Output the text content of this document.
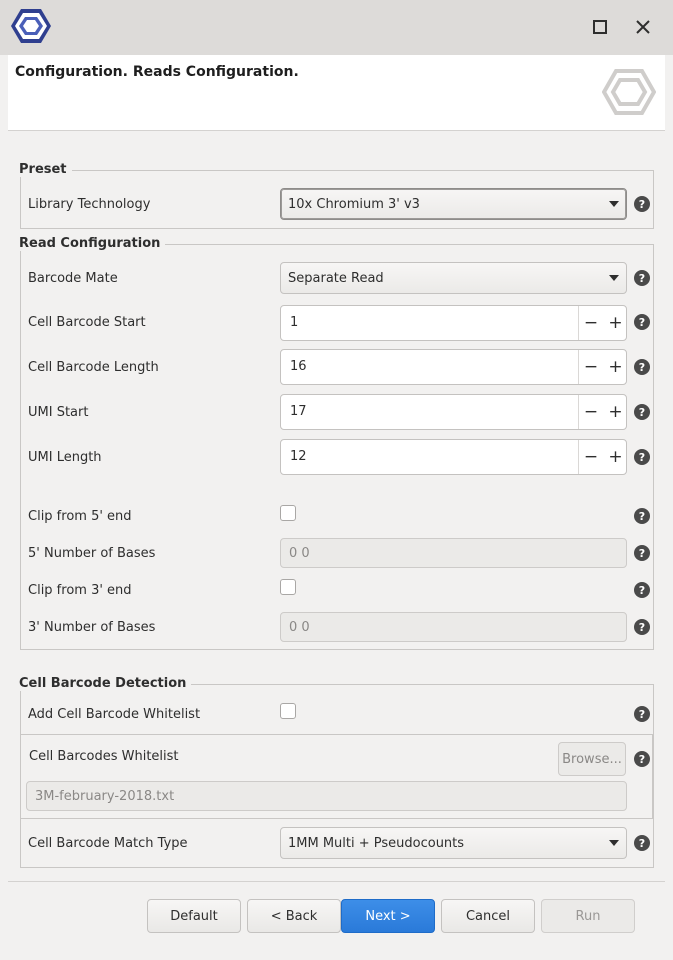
Configuration. Reads Configuration.
Preset
Library Technology	10x Chromium 3' v3	?
Read Configuration
Barcode Mate	Separate Read	?
Cell Barcode Start	1	− +	?
Cell Barcode Length	16	− +	?
UMI Start	17	− +	?
UMI Length	12	− +	?
Clip from 5' end	?
5' Number of Bases	0 0	?
Clip from 3' end	?
3' Number of Bases	0 0	?
Cell Barcode Detection
Add Cell Barcode Whitelist	?
Cell Barcodes Whitelist	Browse...	?
3M-february-2018.txt
Cell Barcode Match Type	1MM Multi + Pseudocounts	?
Default	< Back	Next >	Cancel	Run
